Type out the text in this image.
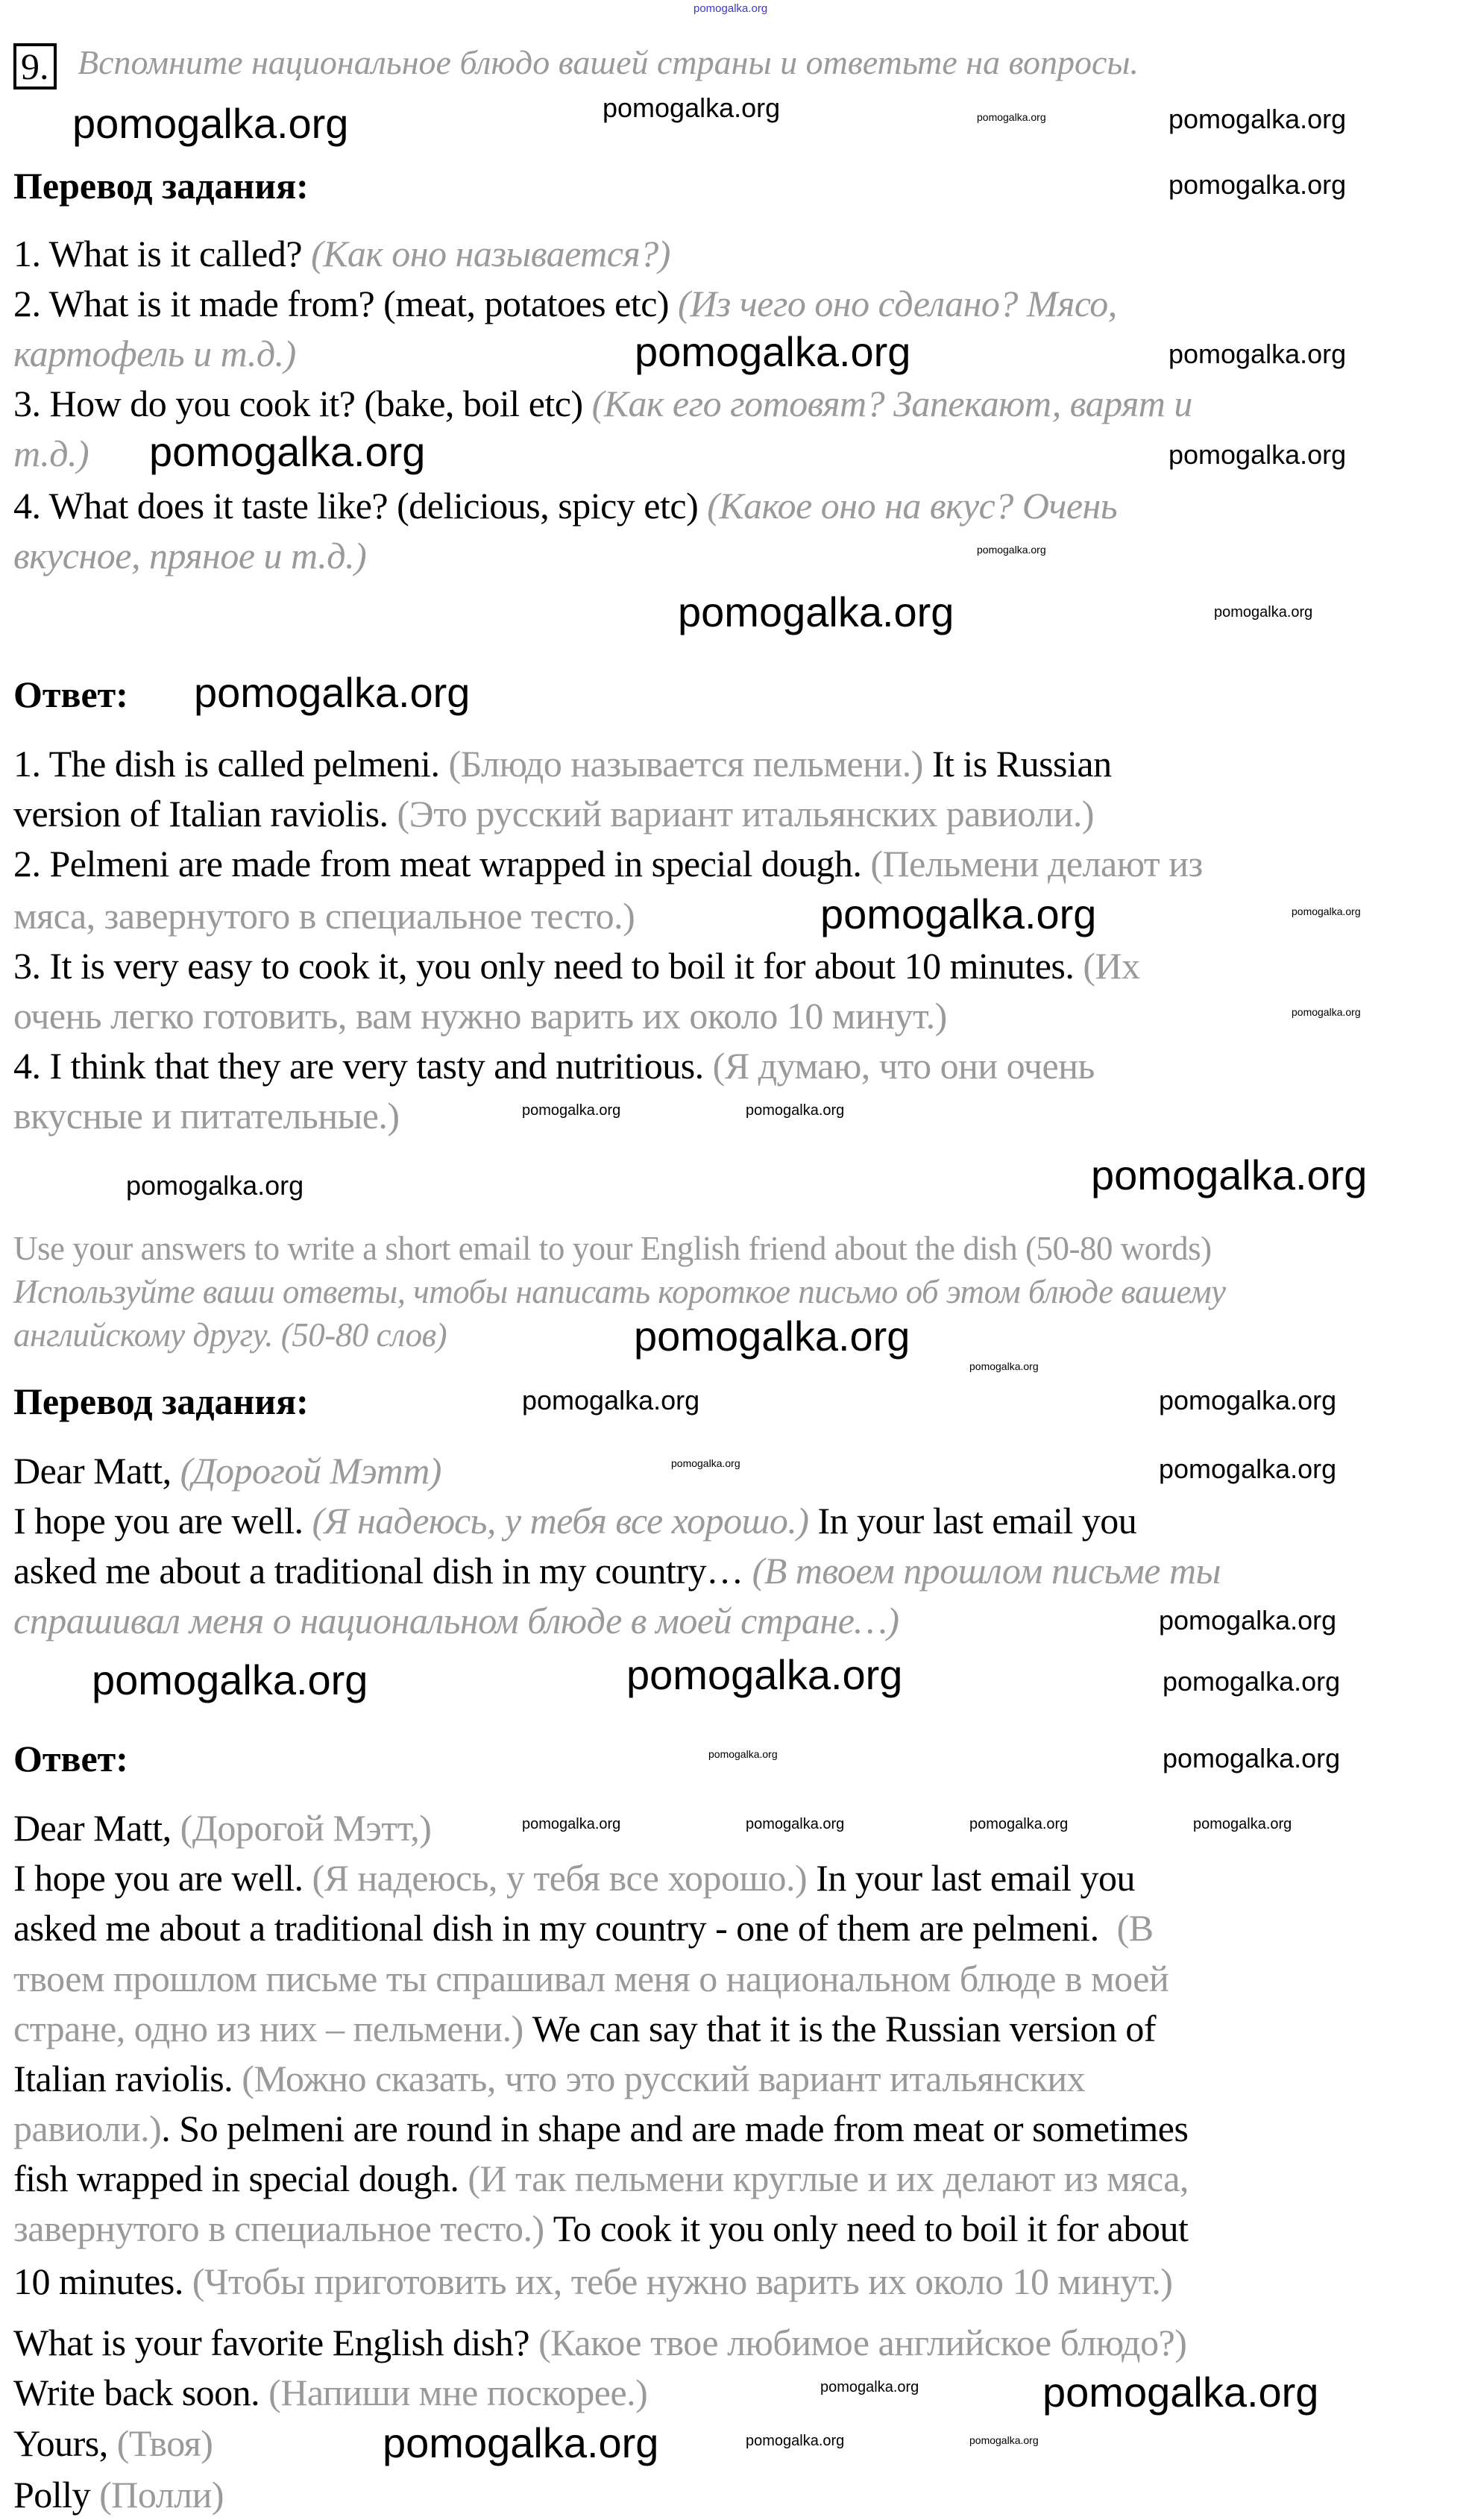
9. Вспомните национальное блюдо вашей страны и ответьте на вопросы.
Перевод задания:
Ответ:
Перевод задания:
Ответ:
1. What is it called? (Как оно называется?)
2. What is it made from? (meat, potatoes etc) (Из чего оно сделано? Мясо,
картофель и т.д.)
3. How do you cook it? (bake, boil etc) (Как его готовят? Запекают, варят и
т.д.)
4. What does it taste like? (delicious, spicy etc) (Какое оно на вкус? Очень
вкусное, пряное и т.д.)
1. The dish is called pelmeni. (Блюдо называется пельмени.) It is Russian
version of Italian raviolis. (Это русский вариант итальянских равиоли.)
2. Pelmeni are made from meat wrapped in special dough. (Пельмени делают из
мяса, завернутого в специальное тесто.)
3. It is very easy to cook it, you only need to boil it for about 10 minutes. (Их
очень легко готовить, вам нужно варить их около 10 минут.)
4. I think that they are very tasty and nutritious. (Я думаю, что они очень
вкусные и питательные.)
Use your answers to write a short email to your English friend about the dish (50-80 words)
Используйте ваши ответы, чтобы написать короткое письмо об этом блюде вашему
английскому другу. (50-80 слов)
Dear Matt, (Дорогой Мэтт)
I hope you are well. (Я надеюсь, у тебя все хорошо.) In your last email you
asked me about a traditional dish in my country… (В твоем прошлом письме ты
спрашивал меня о национальном блюде в моей стране…)
Dear Matt, (Дорогой Мэтт,)
I hope you are well. (Я надеюсь, у тебя все хорошо.) In your last email you
asked me about a traditional dish in my country - one of them are pelmeni.  (В
твоем прошлом письме ты спрашивал меня о национальном блюде в моей
стране, одно из них – пельмени.) We can say that it is the Russian version of
Italian raviolis. (Можно сказать, что это русский вариант итальянских
равиоли.). So pelmeni are round in shape and are made from meat or sometimes
fish wrapped in special dough. (И так пельмени круглые и их делают из мяса,
завернутого в специальное тесто.) To cook it you only need to boil it for about
10 minutes. (Чтобы приготовить их, тебе нужно варить их около 10 минут.)
What is your favorite English dish? (Какое твое любимое английское блюдо?)
Write back soon. (Напиши мне поскорее.)
Yours, (Твоя)
Polly (Полли)
pomogalka.org
pomogalka.org	pomogalka.org
pomogalka.org	pomogalka.org
pomogalka.org
pomogalka.org	pomogalka.org
pomogalka.org	pomogalka.org
pomogalka.org
pomogalka.org	pomogalka.org
pomogalka.org
pomogalka.org	pomogalka.org
pomogalka.org
pomogalka.org	pomogalka.org
pomogalka.org
pomogalka.org
pomogalka.org
pomogalka.org
pomogalka.org	pomogalka.org
pomogalka.org	pomogalka.org
pomogalka.org
pomogalka.org
pomogalka.org	pomogalka.org
pomogalka.org	pomogalka.org
pomogalka.org	pomogalka.org	pomogalka.org	pomogalka.org
pomogalka.org
pomogalka.org
pomogalka.org	pomogalka.org	pomogalka.org
